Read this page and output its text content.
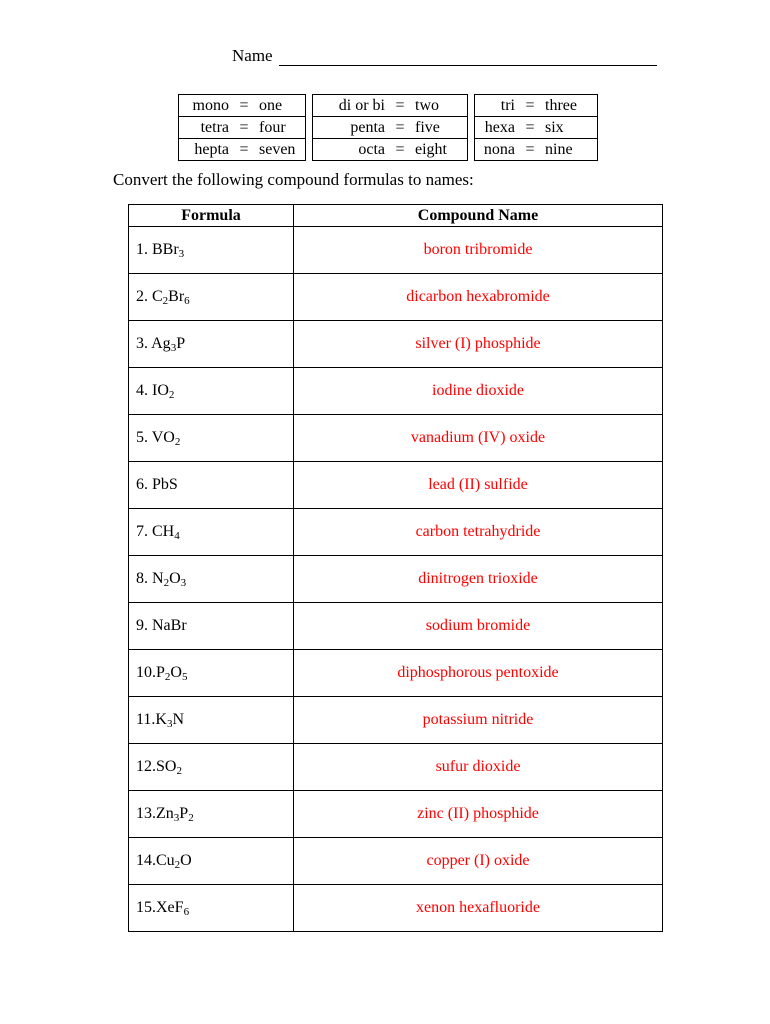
Name
mono = one
tetra = four
hepta = seven
di or bi = two
penta = five
octa = eight
tri = three
hexa = six
nona = nine
Convert the following compound formulas to names:
Formula	Compound Name
1. BBr$_3$	boron tribromide
2. $C_2Br_6$	dicarbon hexabromide
3. $Ag_3P$	silver (I) phosphide
4. $IO_2$	iodine dioxide
5. $VO_2$	vanadium (IV) oxide
6. PbS	lead (II) sulfide
7. $CH_4$	carbon tetrahydride
8. $N_2O_3$	dinitrogen trioxide
9. NaBr	sodium bromide
$10.P_2O_5$	diphosphorous pentoxide
$11.K_3N$	potassium nitride
$12.SO_2$	sufur dioxide
$13.Zn_3P_2$	zinc (II) phosphide
$14.Cu_2O$	copper (I) oxide
15.XeF$_6$	xenon hexafluoride
